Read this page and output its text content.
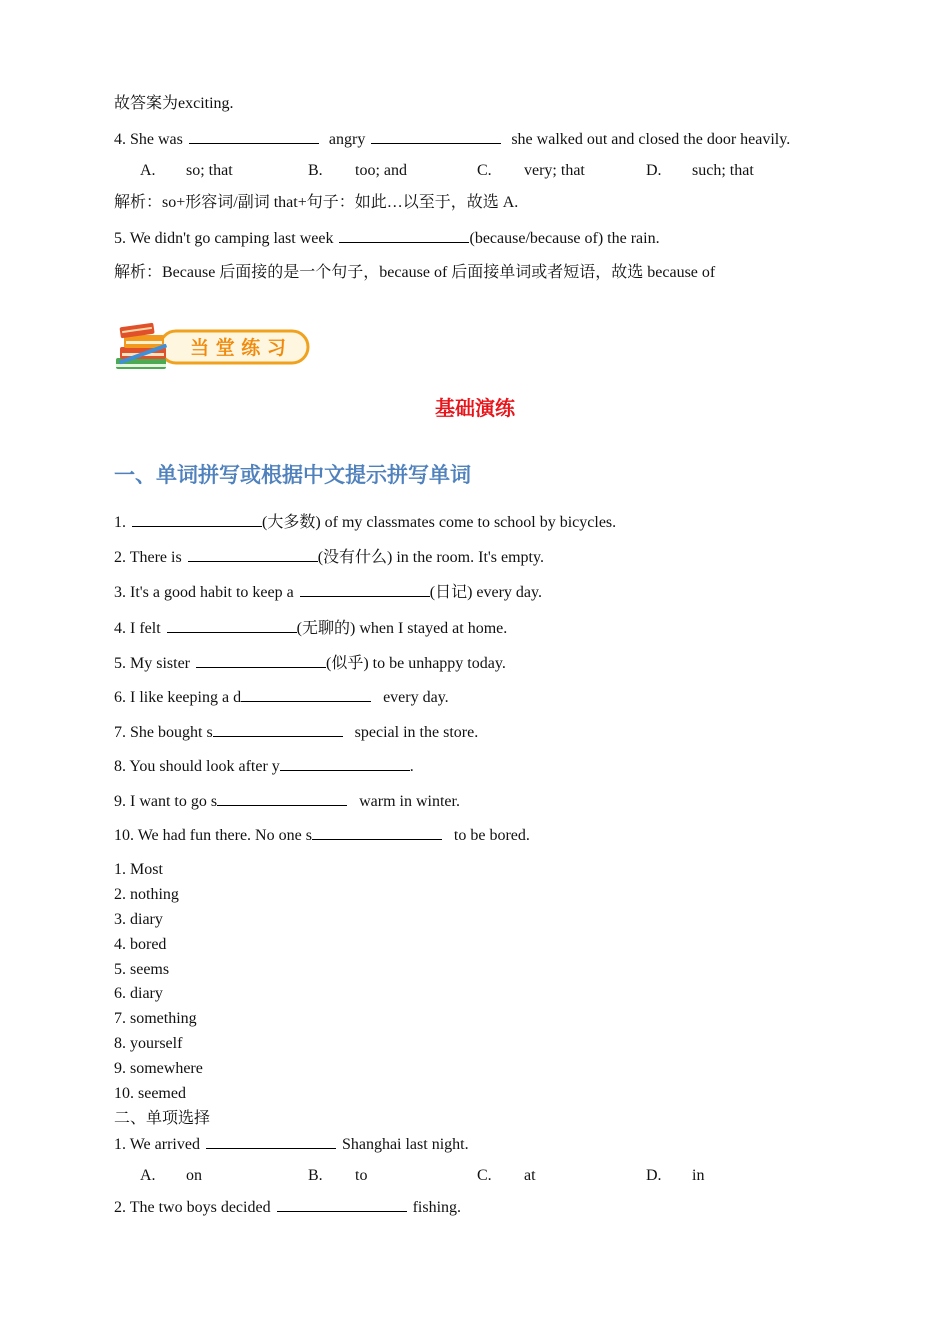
故答案为exciting.
4. She was	angry	she walked out and closed the door heavily.
A. so; that	B. too; and	C. very; that	D. such; that
解析：so+形容词/副词 that+句子：如此…以至于，故选 A.
5. We didn't go camping last week	(because/because of) the rain.
解析：Because 后面接的是一个句子，because of 后面接单词或者短语，故选 because of
当 堂 练 习
基础演练
一、单词拼写或根据中文提示拼写单词
1.	(大多数) of my classmates come to school by bicycles.
2. There is	(没有什么) in the room. It's empty.
3. It's a good habit to keep a	(日记) every day.
4. I felt	(无聊的) when I stayed at home.
5. My sister	(似乎) to be unhappy today.
6. I like keeping a d	every day.
7. She bought s	special in the store.
8. You should look after y	.
9. I want to go s	warm in winter.
10. We had fun there. No one s	to be bored.
1. Most
2. nothing
3. diary
4. bored
5. seems
6. diary
7. something
8. yourself
9. somewhere
10. seemed
二、单项选择
1. We arrived	Shanghai last night.
A. on	B. to	C. at	D. in
2. The two boys decided	fishing.
